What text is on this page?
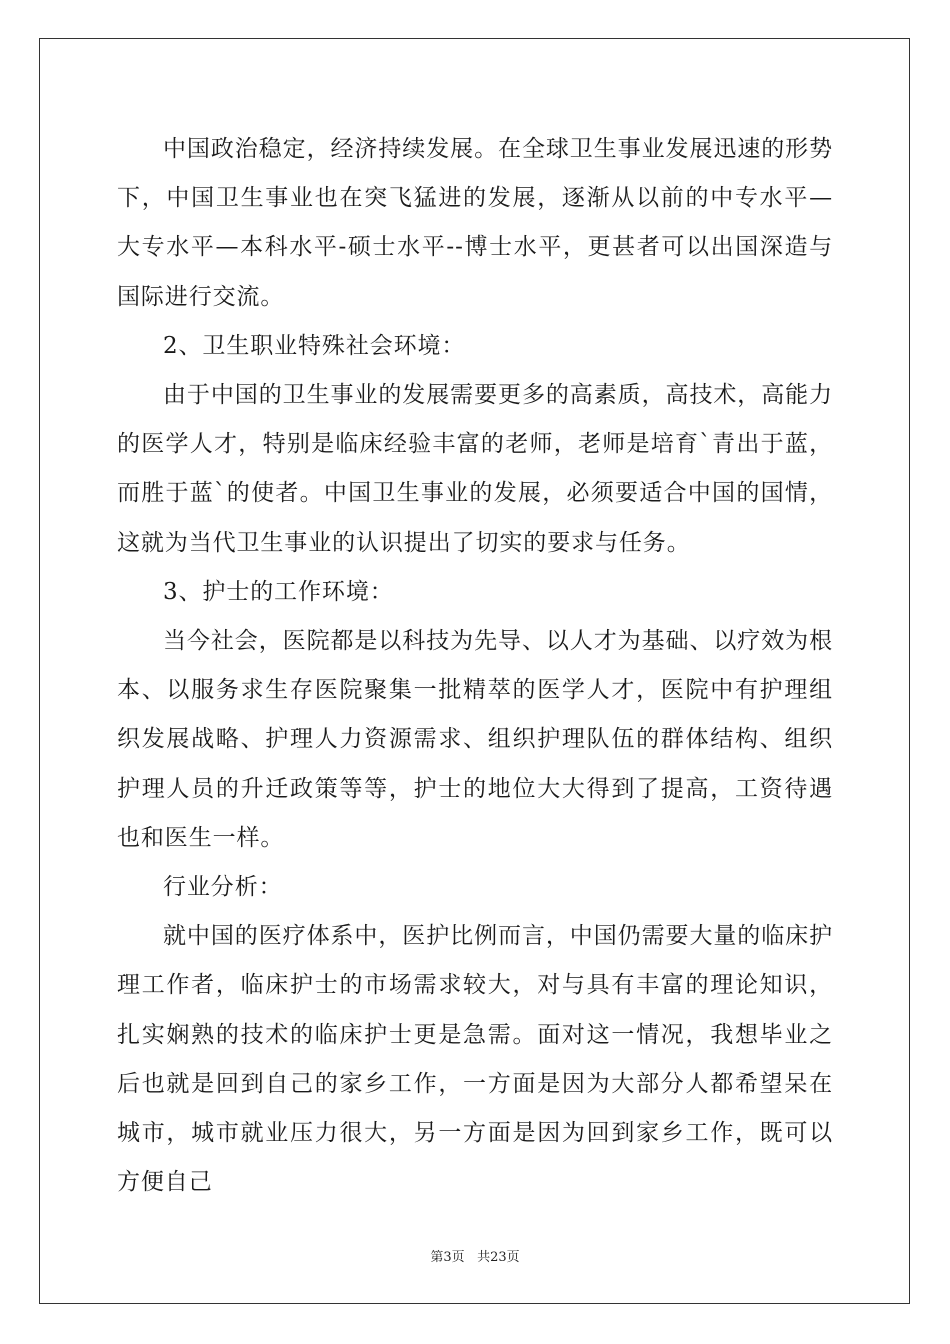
中国政治稳定，经济持续发展。在全球卫生事业发展迅速的形势下，中国卫生事业也在突飞猛进的发展，逐渐从以前的中专水平—大专水平—本科水平-硕士水平--博士水平，更甚者可以出国深造与国际进行交流。

2、卫生职业特殊社会环境：

由于中国的卫生事业的发展需要更多的高素质，高技术，高能力的医学人才，特别是临床经验丰富的老师，老师是培育`青出于蓝，而胜于蓝`的使者。中国卫生事业的发展，必须要适合中国的国情，这就为当代卫生事业的认识提出了切实的要求与任务。

3、护士的工作环境：

当今社会，医院都是以科技为先导、以人才为基础、以疗效为根本、以服务求生存医院聚集一批精萃的医学人才，医院中有护理组织发展战略、护理人力资源需求、组织护理队伍的群体结构、组织护理人员的升迁政策等等，护士的地位大大得到了提高，工资待遇也和医生一样。

行业分析：

就中国的医疗体系中，医护比例而言，中国仍需要大量的临床护理工作者，临床护士的市场需求较大，对与具有丰富的理论知识，扎实娴熟的技术的临床护士更是急需。面对这一情况，我想毕业之后也就是回到自己的家乡工作，一方面是因为大部分人都希望呆在城市，城市就业压力很大，另一方面是因为回到家乡工作，既可以方便自己

第3页 共23页
